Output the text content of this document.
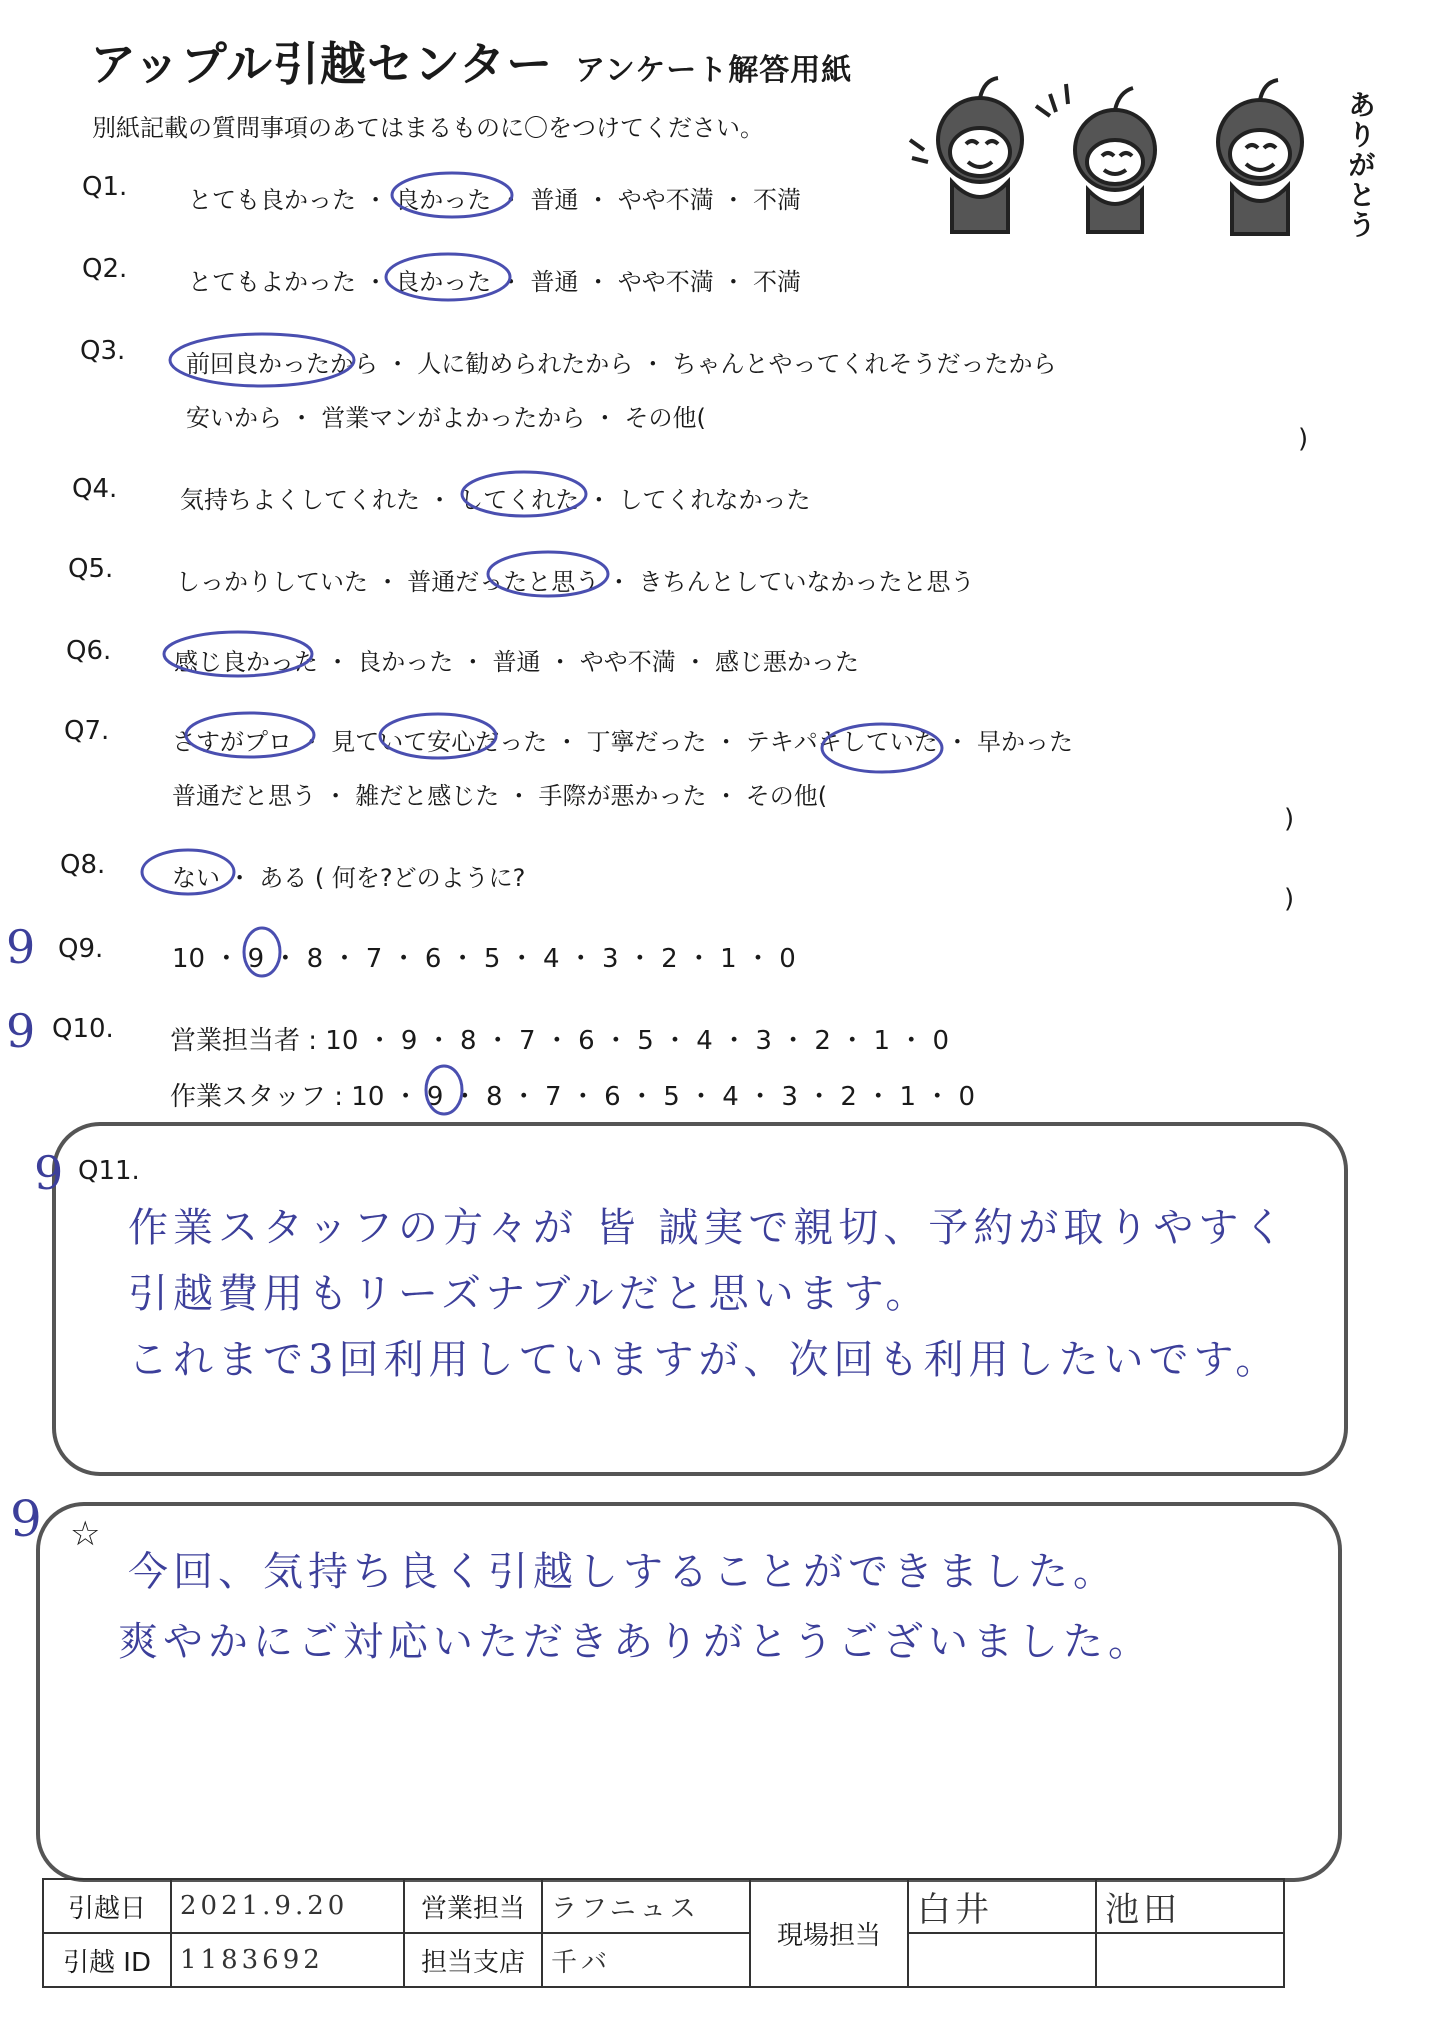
アップル引越センター アンケート解答用紙
別紙記載の質問事項のあてはまるものに〇をつけてください。	ありがとう
Q1.	とても良かった ・ 良かった ・ 普通 ・ やや不満 ・ 不満
Q2.	とてもよかった ・ 良かった ・ 普通 ・ やや不満 ・ 不満
Q3.	前回良かったから ・ 人に勧められたから ・ ちゃんとやってくれそうだったから
安いから ・ 営業マンがよかったから ・ その他(
)
Q4.	気持ちよくしてくれた ・ してくれた ・ してくれなかった
Q5.	しっかりしていた ・ 普通だったと思う ・ きちんとしていなかったと思う
Q6.	感じ良かった ・ 良かった ・ 普通 ・ やや不満 ・ 感じ悪かった
Q7.	さすがプロ ・ 見ていて安心だった ・ 丁寧だった ・ テキパキしていた ・ 早かった
普通だと思う ・ 雑だと感じた ・ 手際が悪かった ・ その他(
)
Q8.	ない ・ ある ( 何を?どのように?
)
Q9.	10 ・ 9 ・ 8 ・ 7 ・ 6 ・ 5 ・ 4 ・ 3 ・ 2 ・ 1 ・ 0
Q10. 営業担当者 : 10 ・ 9 ・ 8 ・ 7 ・ 6 ・ 5 ・ 4 ・ 3 ・ 2 ・ 1 ・ 0
作業スタッフ : 10 ・ 9 ・ 8 ・ 7 ・ 6 ・ 5 ・ 4 ・ 3 ・ 2 ・ 1 ・ 0
Q11.
作業スタッフの方々が 皆 誠実で親切、予約が取りやすく
引越費用もリーズナブルだと思います。
これまで3回利用していますが、次回も利用したいです。
☆
今回、気持ち良く引越しすることができました。
爽やかにご対応いただきありがとうございました。
9
9
9
9
引越日	2021.9.20	営業担当	ラフニュス	現場担当	白井	池田
引越 ID	1183692	担当支店	千バ			
